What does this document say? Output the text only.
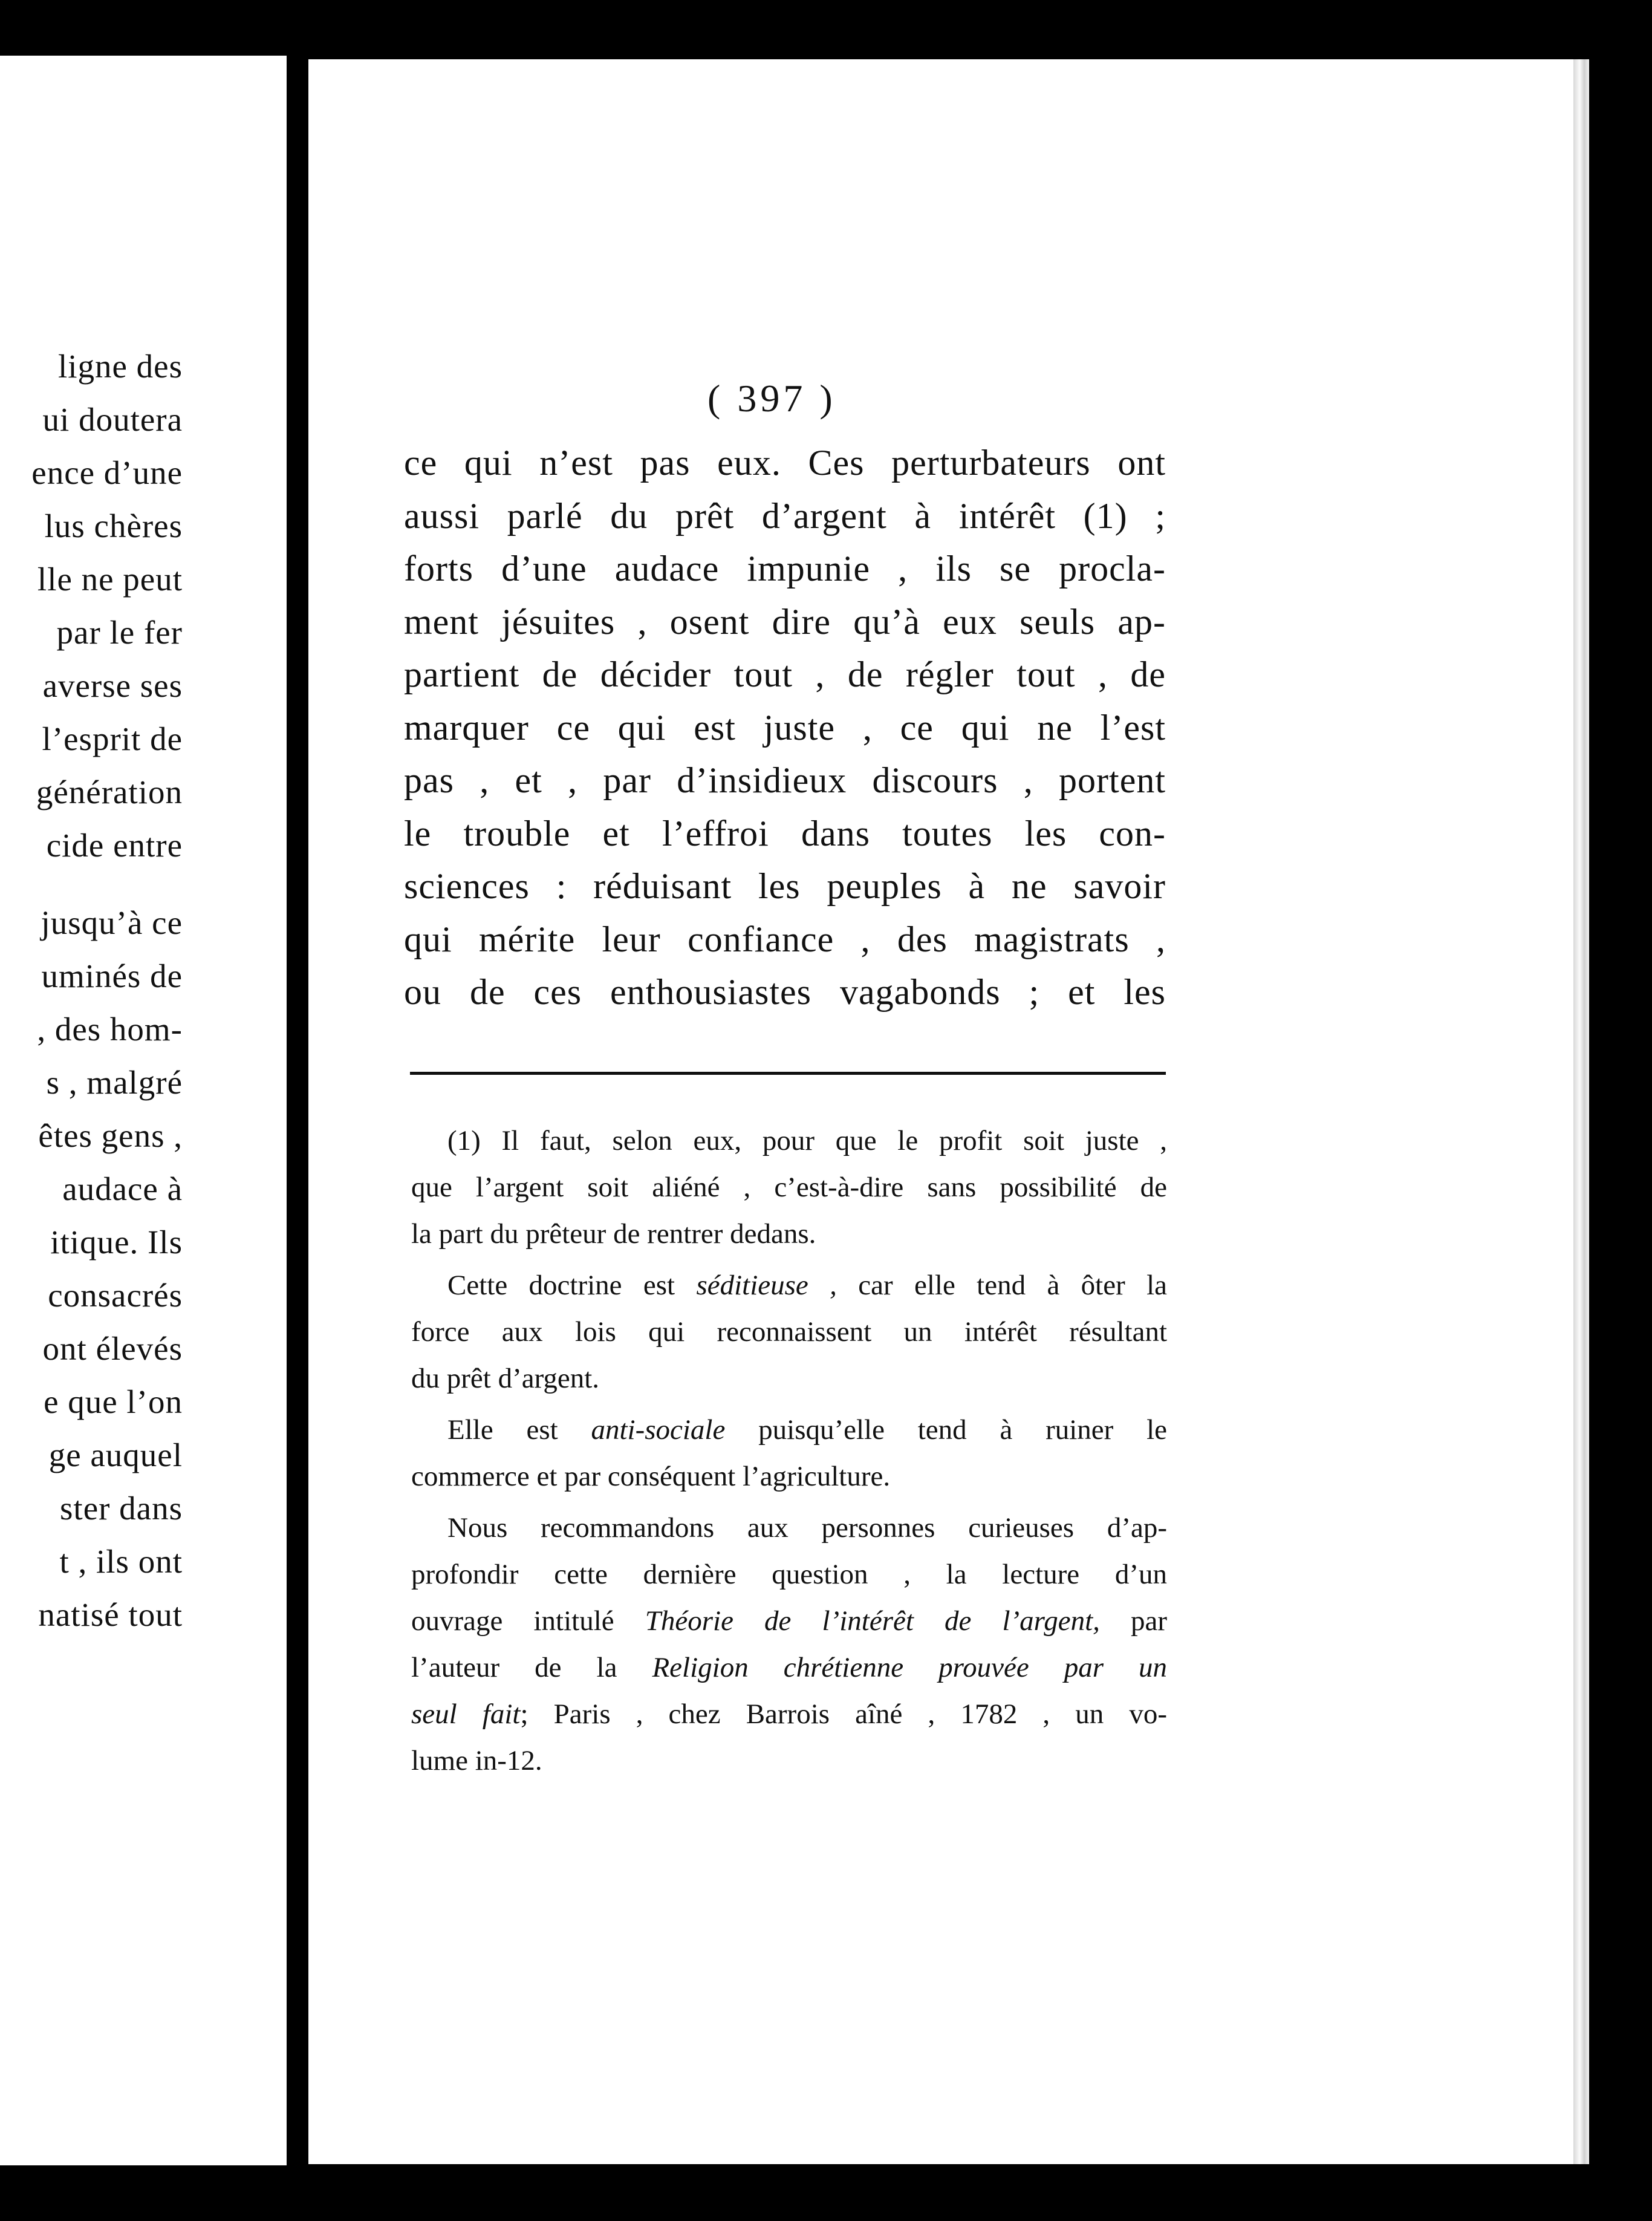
ligne des
ui doutera
ence d’une
lus chères
lle ne peut
par le fer
averse ses
l’esprit de
génération
cide entre
jusqu’à ce
uminés de
, des hom-
s , malgré
êtes gens ,
audace à
itique. Ils
consacrés
ont élevés
e que l’on
ge auquel
ster dans
t , ils ont
natisé tout
( 397 )
ce qui n’est pas eux. Ces perturbateurs ont
aussi parlé du prêt d’argent à intérêt (1) ;
forts d’une audace impunie , ils se procla-
ment jésuites , osent dire qu’à eux seuls ap-
partient de décider tout , de régler tout , de
marquer ce qui est juste , ce qui ne l’est
pas , et , par d’insidieux discours , portent
le trouble et l’effroi dans toutes les con-
sciences : réduisant les peuples à ne savoir
qui mérite leur confiance , des magistrats ,
ou de ces enthousiastes vagabonds ; et les
(1) Il faut, selon eux, pour que le profit soit juste ,
que l’argent soit aliéné , c’est-à-dire sans possibilité de
la part du prêteur de rentrer dedans.
Cette doctrine est séditieuse , car elle tend à ôter la
force aux lois qui reconnaissent un intérêt résultant
du prêt d’argent.
Elle est anti-sociale puisqu’elle tend à ruiner le
commerce et par conséquent l’agriculture.
Nous recommandons aux personnes curieuses d’ap-
profondir cette dernière question , la lecture d’un
ouvrage intitulé Théorie de l’intérêt de l’argent, par
l’auteur de la Religion chrétienne prouvée par un
seul fait; Paris , chez Barrois aîné , 1782 , un vo-
lume in-12.
